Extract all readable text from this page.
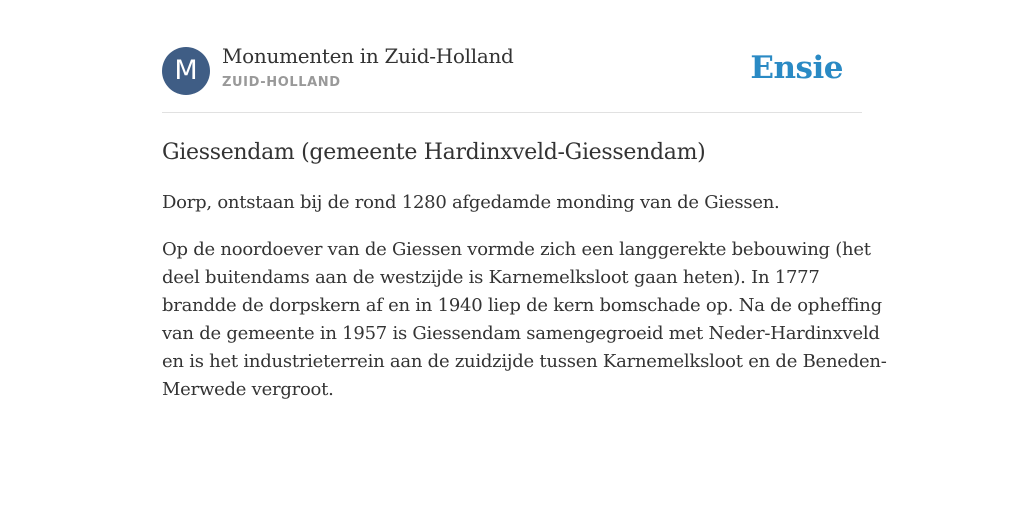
M	Monumenten in Zuid-Holland
ZUID-HOLLAND	Ensie
Giessendam (gemeente Hardinxveld-Giessendam)

Dorp, ontstaan bij de rond 1280 afgedamde monding van de Giessen.

Op de noordoever van de Giessen vormde zich een langgerekte bebouwing (het
deel buitendams aan de westzijde is Karnemelksloot gaan heten). In 1777
brandde de dorpskern af en in 1940 liep de kern bomschade op. Na de opheffing
van de gemeente in 1957 is Giessendam samengegroeid met Neder-Hardinxveld
en is het industrieterrein aan de zuidzijde tussen Karnemelksloot en de Beneden-
Merwede vergroot.
